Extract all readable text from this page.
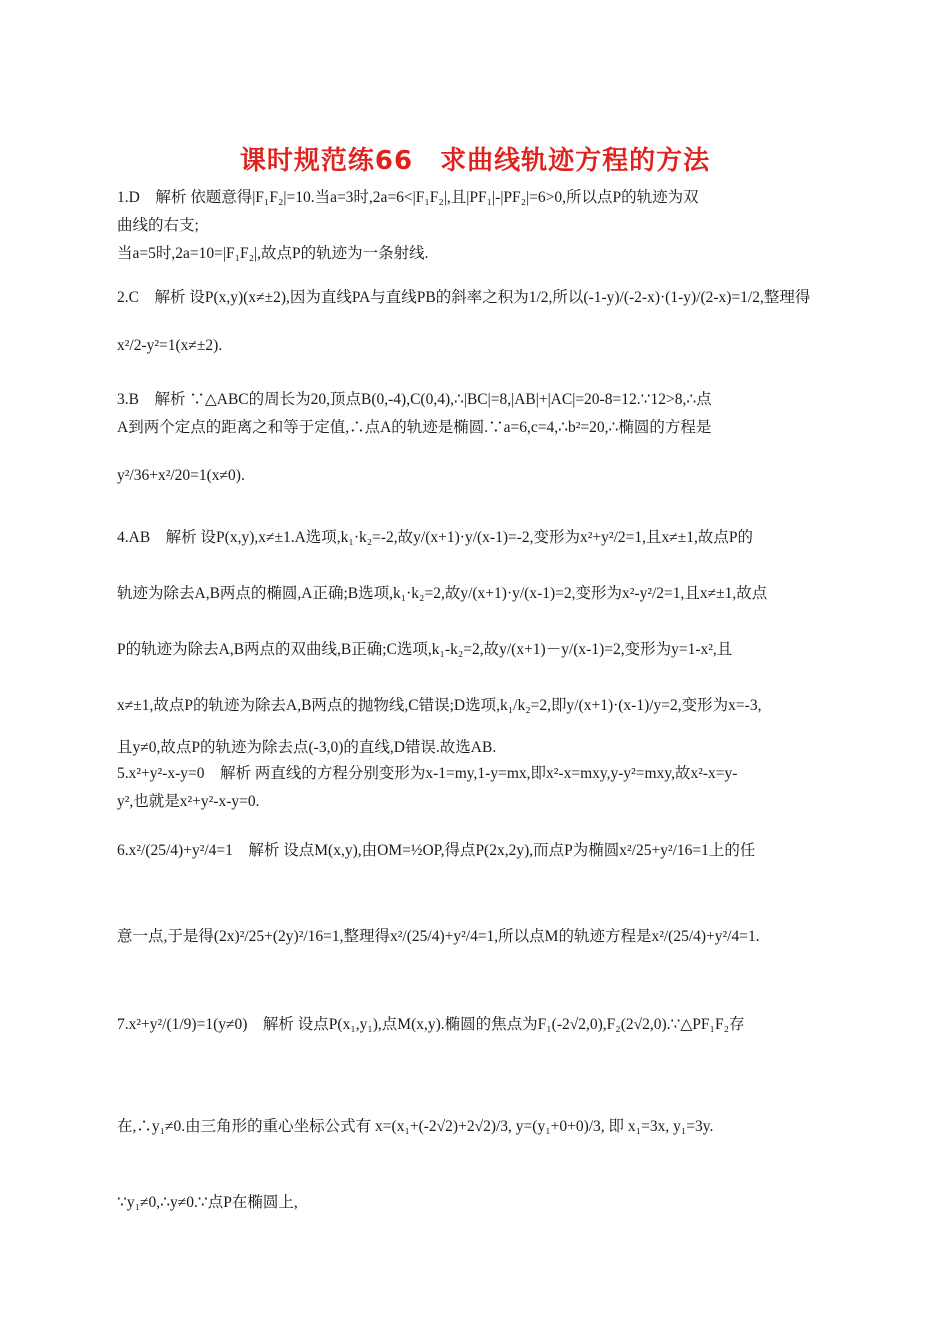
课时规范练66　求曲线轨迹方程的方法

1.D　解析 依题意得|F₁F₂|=10.当a=3时,2a=6<|F₁F₂|,且|PF₁|-|PF₂|=6>0,所以点P的轨迹为双

曲线的右支;

当a=5时,2a=10=|F₁F₂|,故点P的轨迹为一条射线.

2.C　解析 设P(x,y)(x≠±2),因为直线PA与直线PB的斜率之积为1/2,所以(-1-y)/(-2-x)·(1-y)/(2-x)=1/2,整理得

x²/2-y²=1(x≠±2).

3.B　解析 ∵△ABC的周长为20,顶点B(0,-4),C(0,4),∴|BC|=8,|AB|+|AC|=20-8=12.∵12>8,∴点

A到两个定点的距离之和等于定值,∴点A的轨迹是椭圆.∵a=6,c=4,∴b²=20,∴椭圆的方程是

y²/36+x²/20=1(x≠0).

4.AB　解析 设P(x,y),x≠±1.A选项,k₁·k₂=-2,故y/(x+1)·y/(x-1)=-2,变形为x²+y²/2=1,且x≠±1,故点P的

轨迹为除去A,B两点的椭圆,A正确;B选项,k₁·k₂=2,故y/(x+1)·y/(x-1)=2,变形为x²-y²/2=1,且x≠±1,故点

P的轨迹为除去A,B两点的双曲线,B正确;C选项,k₁-k₂=2,故y/(x+1)－y/(x-1)=2,变形为y=1-x²,且

x≠±1,故点P的轨迹为除去A,B两点的抛物线,C错误;D选项,k₁/k₂=2,即y/(x+1)·(x-1)/y=2,变形为x=-3,

且y≠0,故点P的轨迹为除去点(-3,0)的直线,D错误.故选AB.

5.x²+y²-x-y=0　解析 两直线的方程分别变形为x-1=my,1-y=mx,即x²-x=mxy,y-y²=mxy,故x²-x=y-

y²,也就是x²+y²-x-y=0.

6.x²/(25/4)+y²/4=1　解析 设点M(x,y),由OM=½OP,得点P(2x,2y),而点P为椭圆x²/25+y²/16=1上的任

意一点,于是得(2x)²/25+(2y)²/16=1,整理得x²/(25/4)+y²/4=1,所以点M的轨迹方程是x²/(25/4)+y²/4=1.

7.x²+y²/(1/9)=1(y≠0)　解析 设点P(x₁,y₁),点M(x,y).椭圆的焦点为F₁(-2√2,0),F₂(2√2,0).∵△PF₁F₂存

在,∴y₁≠0.由三角形的重心坐标公式有 x=(x₁+(-2√2)+2√2)/3, y=(y₁+0+0)/3, 即 x₁=3x, y₁=3y.

∵y₁≠0,∴y≠0.∵点P在椭圆上,
